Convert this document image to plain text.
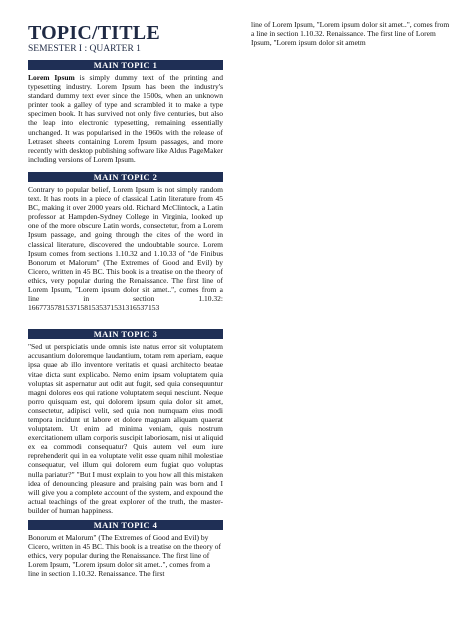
TOPIC/TITLE
SEMESTER I : QUARTER 1
MAIN TOPIC 1

Lorem Ipsum is simply dummy text of the printing and typesetting industry. Lorem Ipsum has been the industry's standard dummy text ever since the 1500s, when an unknown printer took a galley of type and scrambled it to make a type specimen book. It has survived not only five centuries, but also the leap into electronic typesetting, remaining essentially unchanged. It was popularised in the 1960s with the release of Letraset sheets containing Lorem Ipsum passages, and more recently with desktop publishing software like Aldus PageMaker including versions of Lorem Ipsum.

MAIN TOPIC 2

Contrary to popular belief, Lorem Ipsum is not simply random text. It has roots in a piece of classical Latin literature from 45 BC, making it over 2000 years old. Richard McClintock, a Latin professor at Hampden-Sydney College in Virginia, looked up one of the more obscure Latin words, consectetur, from a Lorem Ipsum passage, and going through the cites of the word in classical literature, discovered the undoubtable source. Lorem Ipsum comes from sections 1.10.32 and 1.10.33 of "de Finibus Bonorum et Malorum" (The Extremes of Good and Evil) by Cicero, written in 45 BC. This book is a treatise on the theory of ethics, very popular during the Renaissance. The first line of Lorem Ipsum, "Lorem ipsum dolor sit amet..", comes from a line in section 1.10.32: 16677357815371581535371531316537153

MAIN TOPIC 3

"Sed ut perspiciatis unde omnis iste natus error sit voluptatem accusantium doloremque laudantium, totam rem aperiam, eaque ipsa quae ab illo inventore veritatis et quasi architecto beatae vitae dicta sunt explicabo. Nemo enim ipsam voluptatem quia voluptas sit aspernatur aut odit aut fugit, sed quia consequuntur magni dolores eos qui ratione voluptatem sequi nesciunt. Neque porro quisquam est, qui dolorem ipsum quia dolor sit amet, consectetur, adipisci velit, sed quia non numquam eius modi tempora incidunt ut labore et dolore magnam aliquam quaerat voluptatem. Ut enim ad minima veniam, quis nostrum exercitationem ullam corporis suscipit laboriosam, nisi ut aliquid ex ea commodi consequatur? Quis autem vel eum iure reprehenderit qui in ea voluptate velit esse quam nihil molestiae consequatur, vel illum qui dolorem eum fugiat quo voluptas nulla pariatur?" "But I must explain to you how all this mistaken idea of denouncing pleasure and praising pain was born and I will give you a complete account of the system, and expound the actual teachings of the great explorer of the truth, the master-builder of human happiness.

MAIN TOPIC 4

Bonorum et Malorum" (The Extremes of Good and Evil) by Cicero, written in 45 BC. This book is a treatise on the theory of ethics, very popular during the Renaissance. The first line of Lorem Ipsum, "Lorem ipsum dolor sit amet..", comes from a line in section 1.10.32. Renaissance. The first

line of Lorem Ipsum, "Lorem ipsum dolor sit amet..", comes from a line in section 1.10.32. Renaissance. The first line of Lorem Ipsum, "Lorem ipsum dolor sit ametm
